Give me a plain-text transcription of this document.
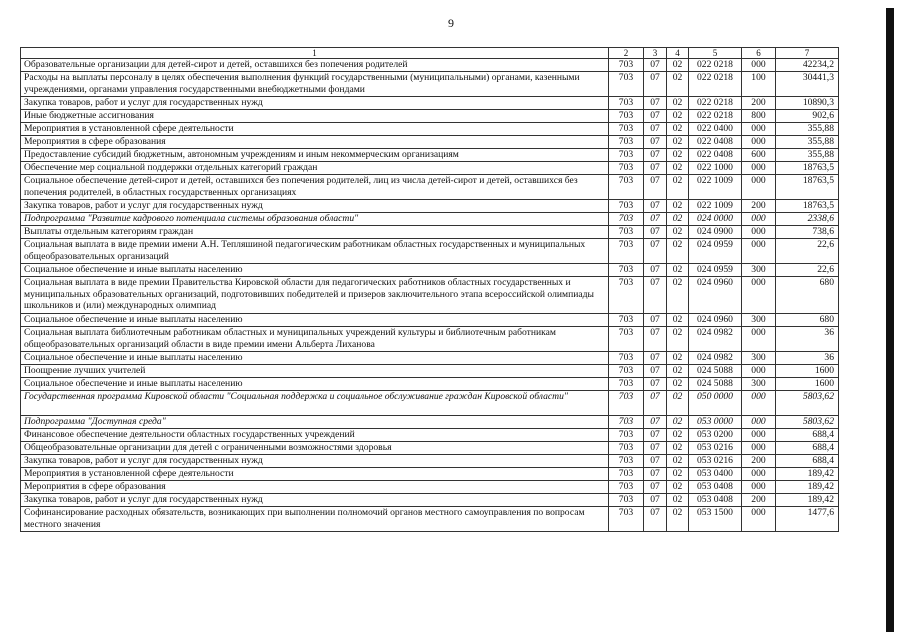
9
1	2	3	4	5	6	7
Образовательные организации для детей-сирот и детей, оставшихся без попечения родителей	703	07	02	022 0218	000	42234,2
Расходы на выплаты персоналу в целях обеспечения выполнения функций государственными (муниципальными) органами, казенными учреждениями, органами управления государственными внебюджетными фондами	703	07	02	022 0218	100	30441,3
Закупка товаров, работ и услуг для государственных нужд	703	07	02	022 0218	200	10890,3
Иные бюджетные ассигнования	703	07	02	022 0218	800	902,6
Мероприятия в установленной сфере деятельности	703	07	02	022 0400	000	355,88
Мероприятия в сфере образования	703	07	02	022 0408	000	355,88
Предоставление субсидий бюджетным, автономным учреждениям и иным некоммерческим организациям	703	07	02	022 0408	600	355,88
Обеспечение мер социальной поддержки отдельных категорий граждан	703	07	02	022 1000	000	18763,5
Социальное обеспечение детей-сирот и детей, оставшихся без попечения родителей, лиц из числа детей-сирот и детей, оставшихся без попечения родителей, в областных государственных организациях	703	07	02	022 1009	000	18763,5
Закупка товаров, работ и услуг для государственных нужд	703	07	02	022 1009	200	18763,5
Подпрограмма "Развитие кадрового потенциала системы образования области"	703	07	02	024 0000	000	2338,6
Выплаты отдельным категориям граждан	703	07	02	024 0900	000	738,6
Социальная выплата в виде премии имени А.Н. Тепляшиной педагогическим работникам областных государственных и муниципальных общеобразовательных организаций	703	07	02	024 0959	000	22,6
Социальное обеспечение и иные выплаты населению	703	07	02	024 0959	300	22,6
Социальная выплата в виде премии Правительства Кировской области для педагогических работников областных государственных и муниципальных образовательных организаций, подготовивших победителей и призеров заключительного этапа всероссийской олимпиады школьников и (или) международных олимпиад	703	07	02	024 0960	000	680
Социальное обеспечение и иные выплаты населению	703	07	02	024 0960	300	680
Социальная выплата библиотечным работникам областных и муниципальных учреждений культуры и библиотечным работникам общеобразовательных организаций области в виде премии имени Альберта Лиханова	703	07	02	024 0982	000	36
Социальное обеспечение и иные выплаты населению	703	07	02	024 0982	300	36
Поощрение лучших учителей	703	07	02	024 5088	000	1600
Социальное обеспечение и иные выплаты населению	703	07	02	024 5088	300	1600
Государственная программа Кировской области "Социальная поддержка и социальное обслуживание граждан Кировской области"	703	07	02	050 0000	000	5803,62
Подпрограмма "Доступная среда"	703	07	02	053 0000	000	5803,62
Финансовое обеспечение деятельности областных государственных учреждений	703	07	02	053 0200	000	688,4
Общеобразовательные организации для детей с ограниченными возможностями здоровья	703	07	02	053 0216	000	688,4
Закупка товаров, работ и услуг для государственных нужд	703	07	02	053 0216	200	688,4
Мероприятия в установленной сфере деятельности	703	07	02	053 0400	000	189,42
Мероприятия в сфере образования	703	07	02	053 0408	000	189,42
Закупка товаров, работ и услуг для государственных нужд	703	07	02	053 0408	200	189,42
Софинансирование расходных обязательств, возникающих при выполнении полномочий органов местного самоуправления по вопросам местного значения	703	07	02	053 1500	000	1477,6
